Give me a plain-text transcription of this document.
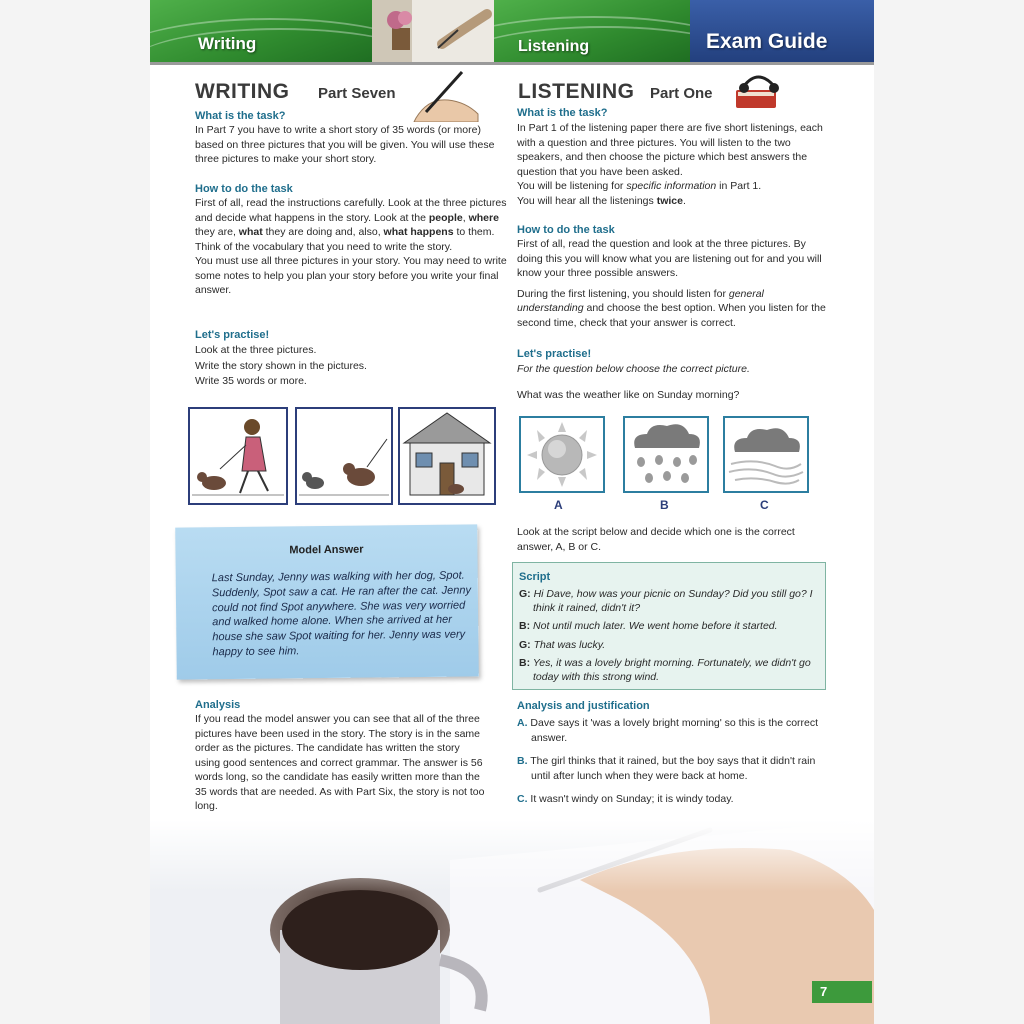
Writing	Listening	Exam Guide
WRITING Part Seven
What is the task?
In Part 7 you have to write a short story of 35 words (or more) based on three pictures that you will be given. You will use these three pictures to make your short story.
How to do the task

First of all, read the instructions carefully. Look at the three pictures and decide what happens in the story. Look at the people, where they are, what they are doing and, also, what happens to them. Think of the vocabulary that you need to write the story.

You must use all three pictures in your story. You may need to write some notes to help you plan your story before you write your final answer.

Let's practise!

Look at the three pictures.

Write the story shown in the pictures.

Write 35 words or more.

Model Answer
Last Sunday, Jenny was walking with her dog, Spot. Suddenly, Spot saw a cat. He ran after the cat. Jenny could not find Spot anywhere. She was very worried and walked home alone. When she arrived at her house she saw Spot waiting for her. Jenny was very happy to see him.
Analysis
If you read the model answer you can see that all of the three pictures have been used in the story. The story is in the same order as the pictures. The candidate has written the story using good sentences and correct grammar. The answer is 56 words long, so the candidate has easily written more than the 35 words that are needed. As with Part Six, the story is not too long.
LISTENING Part One
What is the task?

In Part 1 of the listening paper there are five short listenings, each with a question and three pictures. You will listen to the two speakers, and then choose the picture which best answers the question that you have been asked.

You will be listening for specific information in Part 1.

You will hear all the listenings twice.

How to do the task

First of all, read the question and look at the three pictures. By doing this you will know what you are listening out for and you will know your three possible answers.

During the first listening, you should listen for general understanding and choose the best option. When you listen for the second time, check that your answer is correct.

Let's practise!
For the question below choose the correct picture.
What was the weather like on Sunday morning?
A	B	C
Look at the script below and decide which one is the correct answer, A, B or C.
Script
G: Hi Dave, how was your picnic on Sunday? Did you still go? I think it rained, didn't it?
B: Not until much later. We went home before it started.
G: That was lucky.
B: Yes, it was a lovely bright morning. Fortunately, we didn't go today with this strong wind.
Analysis and justification

A. Dave says it 'was a lovely bright morning' so this is the correct answer.

B. The girl thinks that it rained, but the boy says that it didn't rain until after lunch when they were back at home.

C. It wasn't windy on Sunday; it is windy today.

7
